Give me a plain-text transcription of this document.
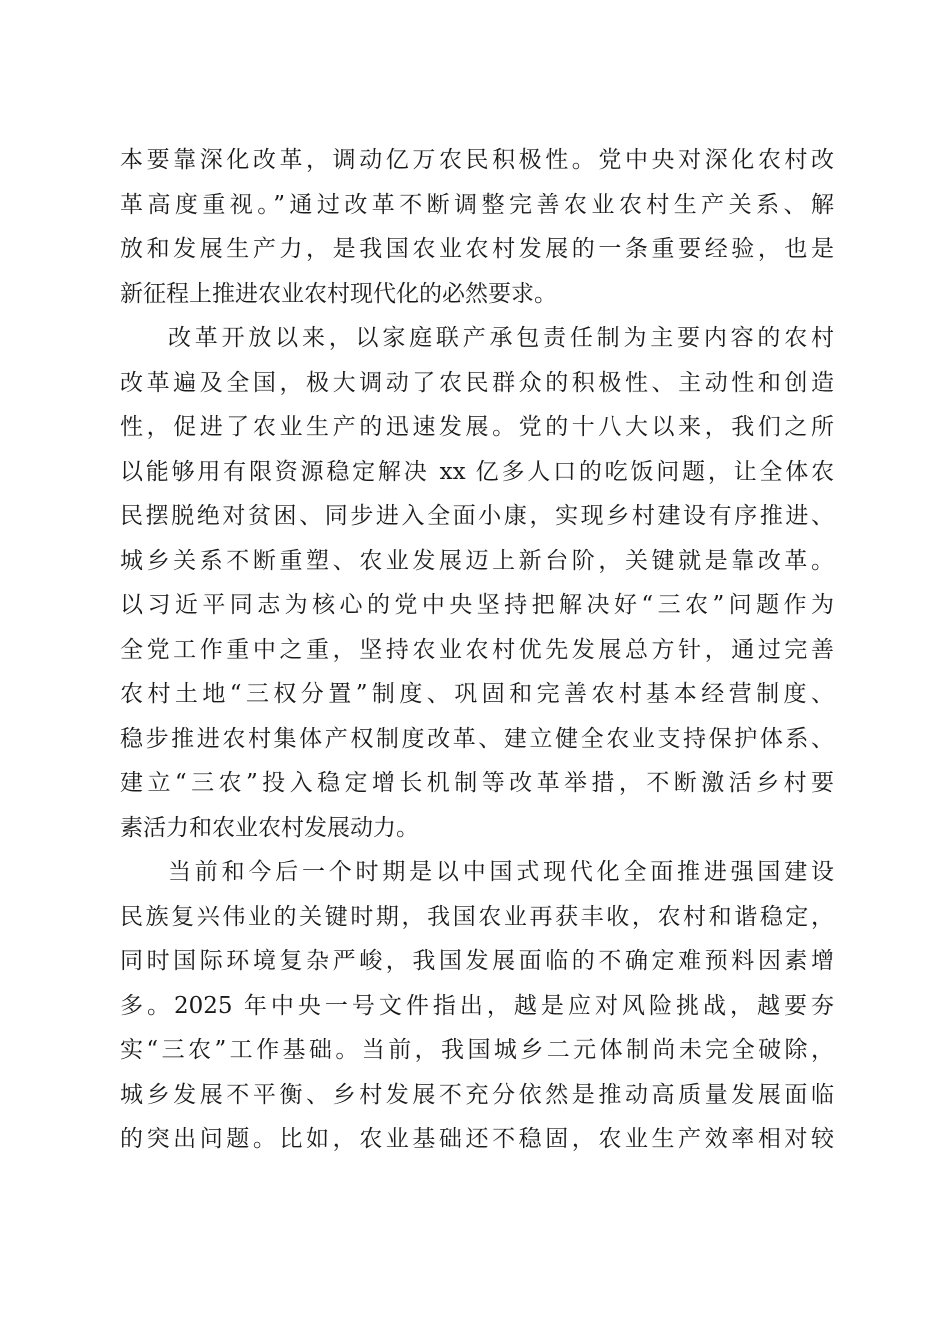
本要靠深化改革，调动亿万农民积极性。党中央对深化农村改
革高度重视。”通过改革不断调整完善农业农村生产关系、解
放和发展生产力，是我国农业农村发展的一条重要经验，也是
新征程上推进农业农村现代化的必然要求。
改革开放以来，以家庭联产承包责任制为主要内容的农村
改革遍及全国，极大调动了农民群众的积极性、主动性和创造
性，促进了农业生产的迅速发展。党的十八大以来，我们之所
以能够用有限资源稳定解决 xx 亿多人口的吃饭问题，让全体农
民摆脱绝对贫困、同步进入全面小康，实现乡村建设有序推进、
城乡关系不断重塑、农业发展迈上新台阶，关键就是靠改革。
以习近平同志为核心的党中央坚持把解决好“三农”问题作为
全党工作重中之重，坚持农业农村优先发展总方针，通过完善
农村土地“三权分置”制度、巩固和完善农村基本经营制度、
稳步推进农村集体产权制度改革、建立健全农业支持保护体系、
建立“三农”投入稳定增长机制等改革举措，不断激活乡村要
素活力和农业农村发展动力。
当前和今后一个时期是以中国式现代化全面推进强国建设
民族复兴伟业的关键时期，我国农业再获丰收，农村和谐稳定，
同时国际环境复杂严峻，我国发展面临的不确定难预料因素增
多。2025 年中央一号文件指出，越是应对风险挑战，越要夯
实“三农”工作基础。当前，我国城乡二元体制尚未完全破除，
城乡发展不平衡、乡村发展不充分依然是推动高质量发展面临
的突出问题。比如，农业基础还不稳固，农业生产效率相对较
